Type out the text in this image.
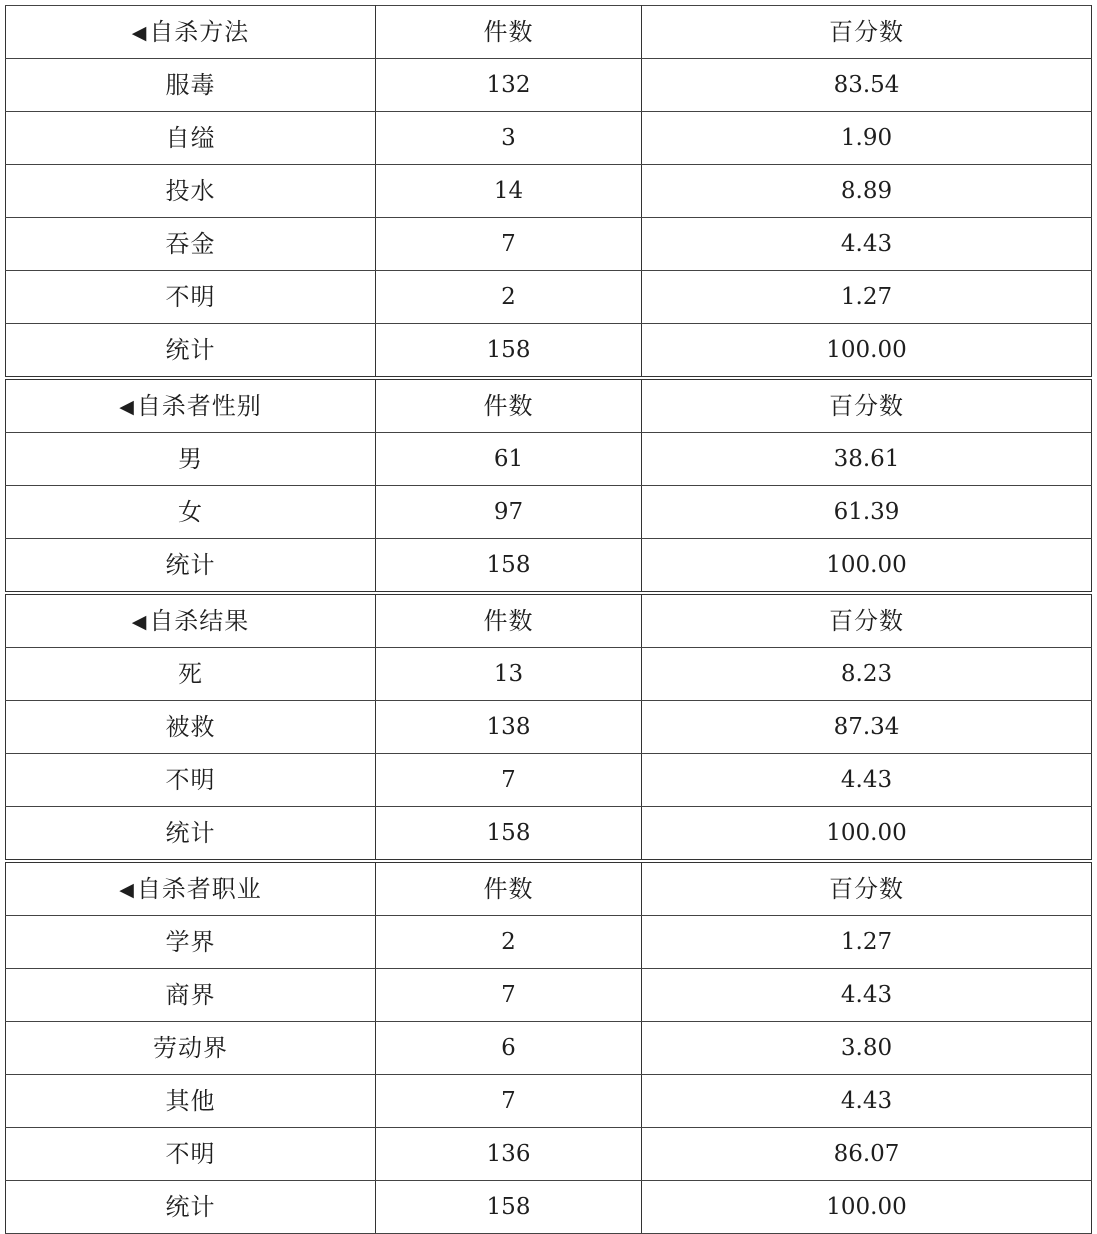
◀自杀方法	件数	百分数
服毒	132	83.54
自缢	3	1.90
投水	14	8.89
吞金	7	4.43
不明	2	1.27
统计	158	100.00
◀自杀者性别	件数	百分数
男	61	38.61
女	97	61.39
统计	158	100.00
◀自杀结果	件数	百分数
死	13	8.23
被救	138	87.34
不明	7	4.43
统计	158	100.00
◀自杀者职业	件数	百分数
学界	2	1.27
商界	7	4.43
劳动界	6	3.80
其他	7	4.43
不明	136	86.07
统计	158	100.00
